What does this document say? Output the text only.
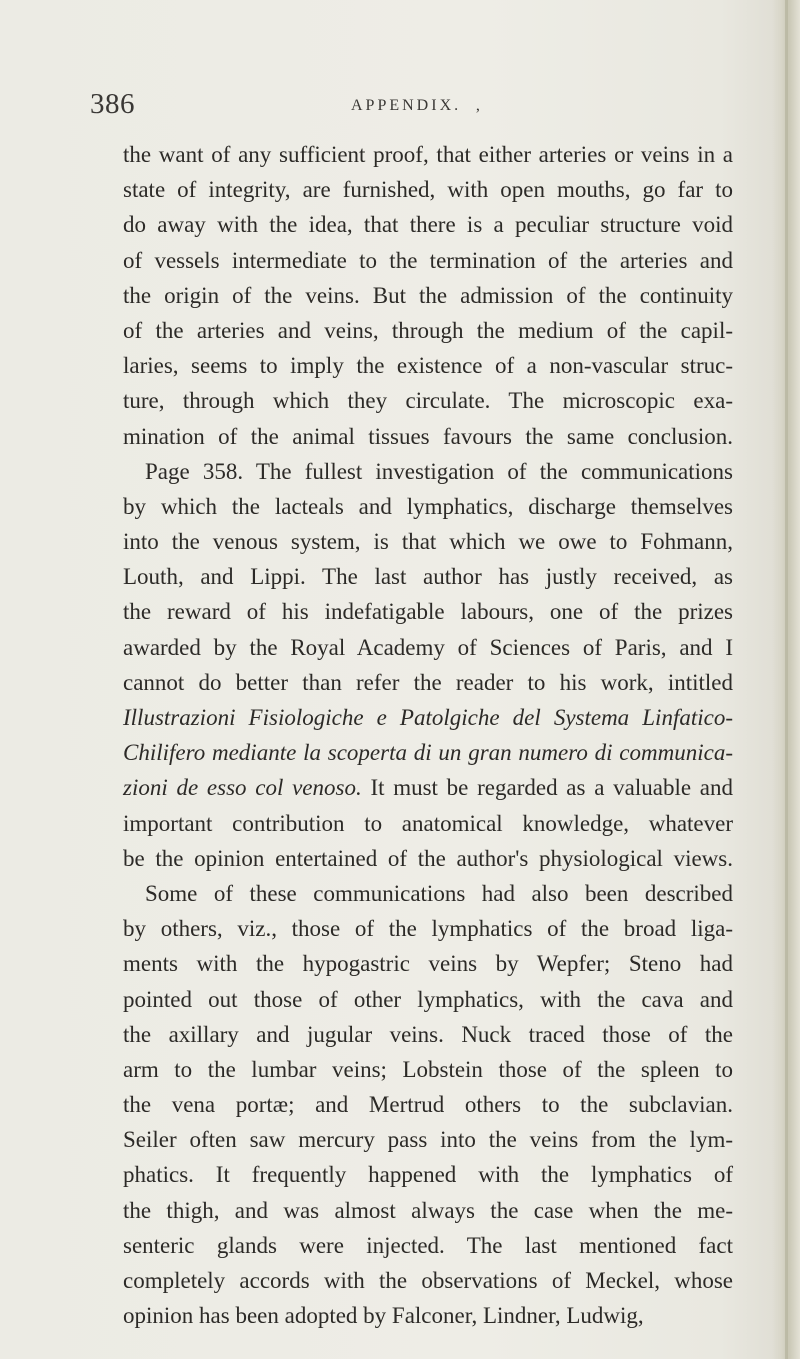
386	APPENDIX. ‚
the want of any sufficient proof, that either arteries or veins in a
state of integrity, are furnished, with open mouths, go far to
do away with the idea, that there is a peculiar structure void
of vessels intermediate to the termination of the arteries and
the origin of the veins. But the admission of the continuity
of the arteries and veins, through the medium of the capil-
laries, seems to imply the existence of a non-vascular struc-
ture, through which they circulate. The microscopic exa-
mination of the animal tissues favours the same conclusion.
Page 358. The fullest investigation of the communications
by which the lacteals and lymphatics, discharge themselves
into the venous system, is that which we owe to Fohmann,
Louth, and Lippi. The last author has justly received, as
the reward of his indefatigable labours, one of the prizes
awarded by the Royal Academy of Sciences of Paris, and I
cannot do better than refer the reader to his work, intitled
Illustrazioni Fisiologiche e Patolgiche del Systema Linfatico-
Chilifero mediante la scoperta di un gran numero di communica-
zioni de esso col venoso. It must be regarded as a valuable and
important contribution to anatomical knowledge, whatever
be the opinion entertained of the author's physiological views.
Some of these communications had also been described
by others, viz., those of the lymphatics of the broad liga-
ments with the hypogastric veins by Wepfer; Steno had
pointed out those of other lymphatics, with the cava and
the axillary and jugular veins. Nuck traced those of the
arm to the lumbar veins; Lobstein those of the spleen to
the vena portæ; and Mertrud others to the subclavian.
Seiler often saw mercury pass into the veins from the lym-
phatics. It frequently happened with the lymphatics of
the thigh, and was almost always the case when the me-
senteric glands were injected. The last mentioned fact
completely accords with the observations of Meckel, whose
opinion has been adopted by Falconer, Lindner, Ludwig,
